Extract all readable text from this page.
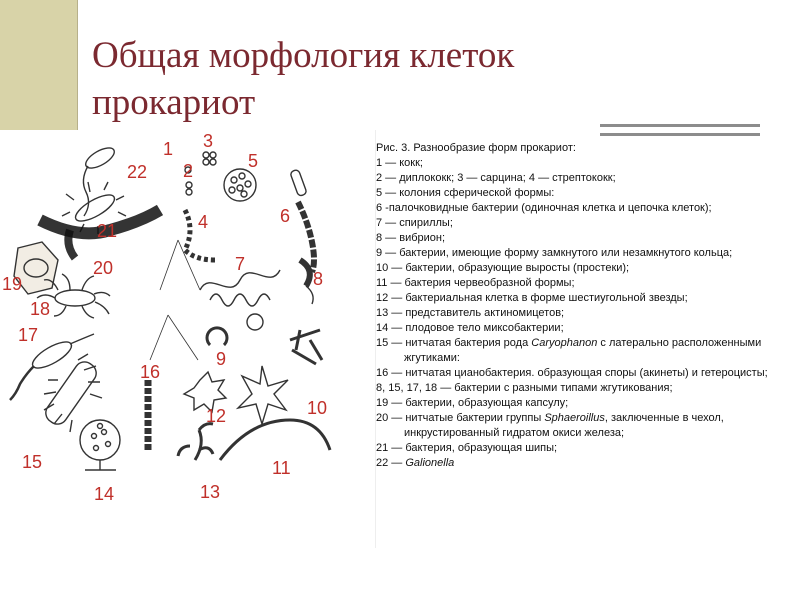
Общая морфология клеток
прокариот
1
2
3
4
5
6
7
8
9
10
11
12
13
14
15
16
17
18
19
20
21
22
Рис. 3. Разнообразие форм прокариот:
1 — кокк;
2 — диплококк; 3 — сарцина; 4 — стрептококк;
5 — колония сферической формы:
6 -палочковидные бактерии (одиночная клетка и цепочка клеток);
7 — спириллы;
8 — вибрион;
9 — бактерии, имеющие форму замкнутого или незамкнутого кольца;
10 — бактерии, образующие выросты (простеки);
11 — бактерия червеобразной формы;
12 — бактериальная клетка в форме шестиугольной звезды;
13 — представитель актиномицетов;
14 — плодовое тело миксобактерии;
15 — нитчатая бактерия рода Caryophanon с латерально расположенными жгутиками:
16 — нитчатая цианобактерия. образующая споры (акинеты) и гетероцисты;
8, 15, 17, 18 — бактерии с разными типами жгутикования;
19 — бактерии, образующая капсулу;
20 — нитчатые бактерии группы Sphaeroillus, заключенные в чехол, инкрустированный гидратом окиси железа;
21 — бактерия, образующая шипы;
22 — Galionella
